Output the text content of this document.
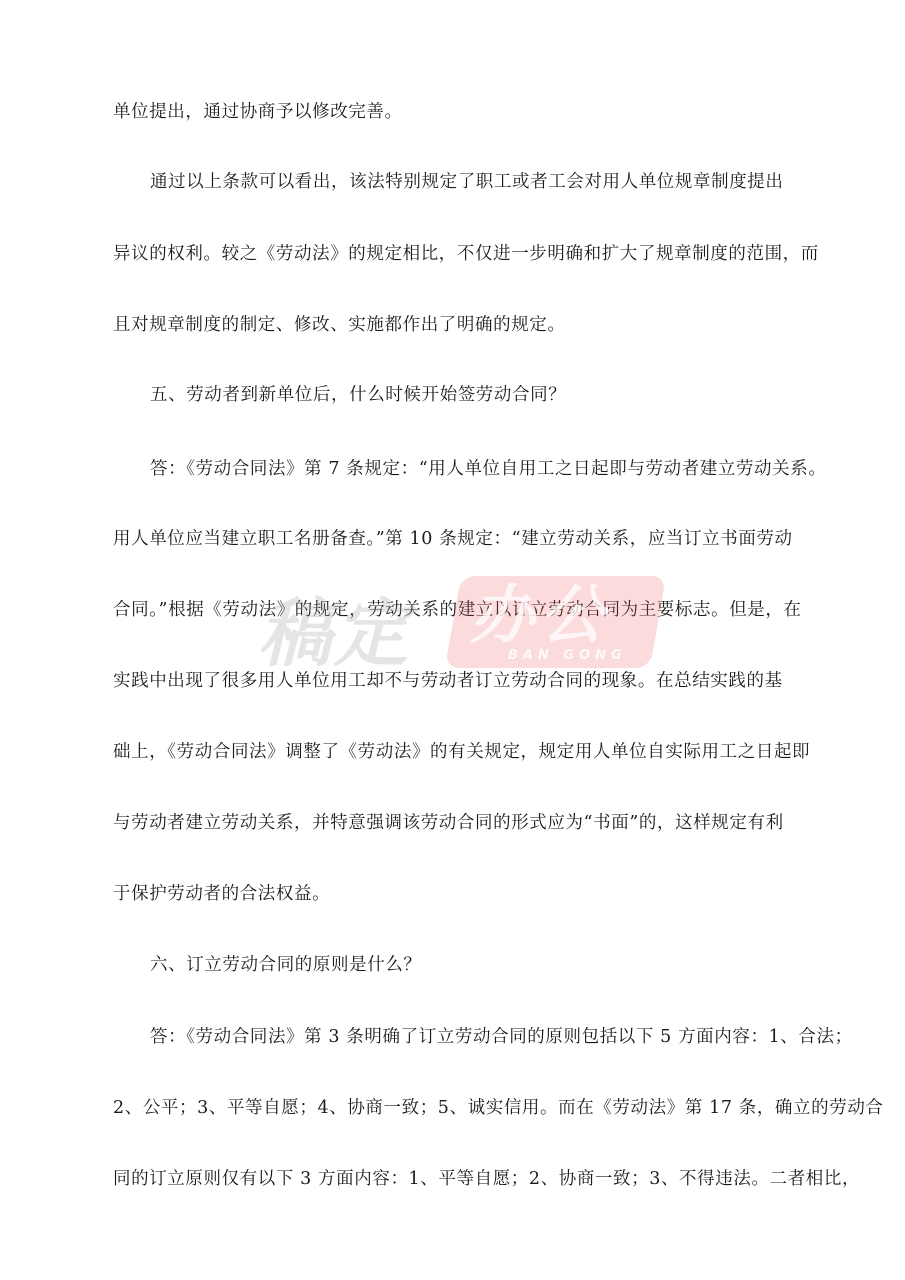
单位提出，通过协商予以修改完善。
通过以上条款可以看出，该法特别规定了职工或者工会对用人单位规章制度提出
异议的权利。较之《劳动法》的规定相比，不仅进一步明确和扩大了规章制度的范围，而
且对规章制度的制定、修改、实施都作出了明确的规定。
五、劳动者到新单位后，什么时候开始签劳动合同？
答：《劳动合同法》第 7 条规定：“用人单位自用工之日起即与劳动者建立劳动关系。
用人单位应当建立职工名册备查。”第 10 条规定：“建立劳动关系，应当订立书面劳动
合同。”根据《劳动法》的规定，劳动关系的建立以订立劳动合同为主要标志。但是，在
实践中出现了很多用人单位用工却不与劳动者订立劳动合同的现象。在总结实践的基
础上，《劳动合同法》调整了《劳动法》的有关规定，规定用人单位自实际用工之日起即
与劳动者建立劳动关系，并特意强调该劳动合同的形式应为“书面”的，这样规定有利
于保护劳动者的合法权益。
六、订立劳动合同的原则是什么？
答：《劳动合同法》第 3 条明确了订立劳动合同的原则包括以下 5 方面内容：1、合法；
2、公平；3、平等自愿；4、协商一致；5、诚实信用。而在《劳动法》第 17 条，确立的劳动合
同的订立原则仅有以下 3 方面内容：1、平等自愿；2、协商一致；3、不得违法。二者相比，
稿定 办公
BAN GONG
